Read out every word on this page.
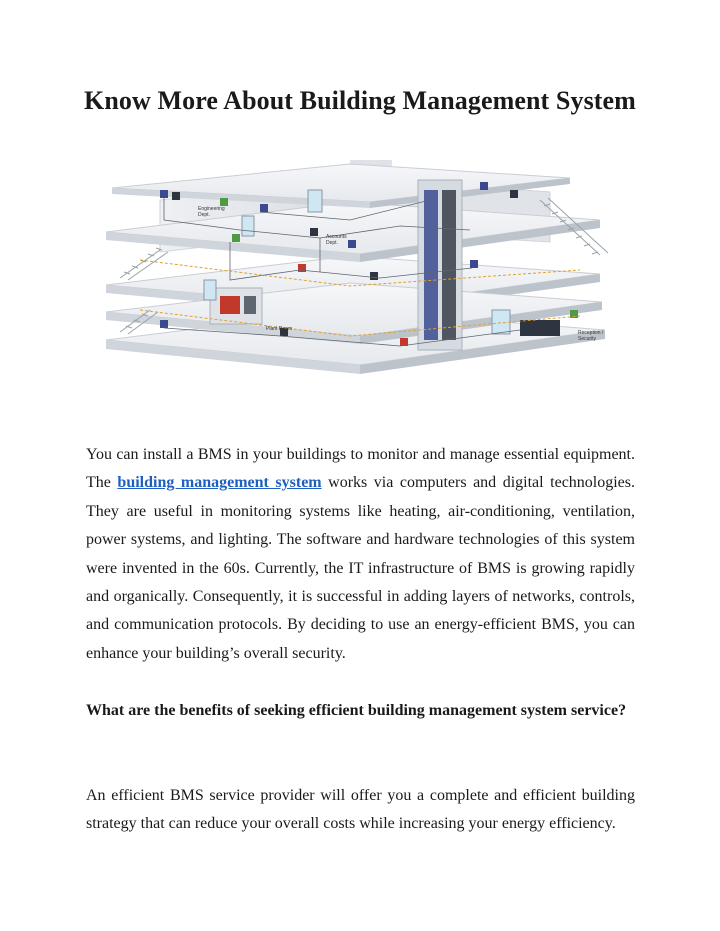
Know More About Building Management System
Engineering
Dept.
Accounts
Dept.
Plant Room
Reception /
Security

You can install a BMS in your buildings to monitor and manage essential equipment. The building management system works via computers and digital technologies. They are useful in monitoring systems like heating, air-conditioning, ventilation, power systems, and lighting. The software and hardware technologies of this system were invented in the 60s. Currently, the IT infrastructure of BMS is growing rapidly and organically. Consequently, it is successful in adding layers of networks, controls, and communication protocols. By deciding to use an energy-efficient BMS, you can enhance your building’s overall security.

What are the benefits of seeking efficient building management system service?

An efficient BMS service provider will offer you a complete and efficient building strategy that can reduce your overall costs while increasing your energy efficiency.
